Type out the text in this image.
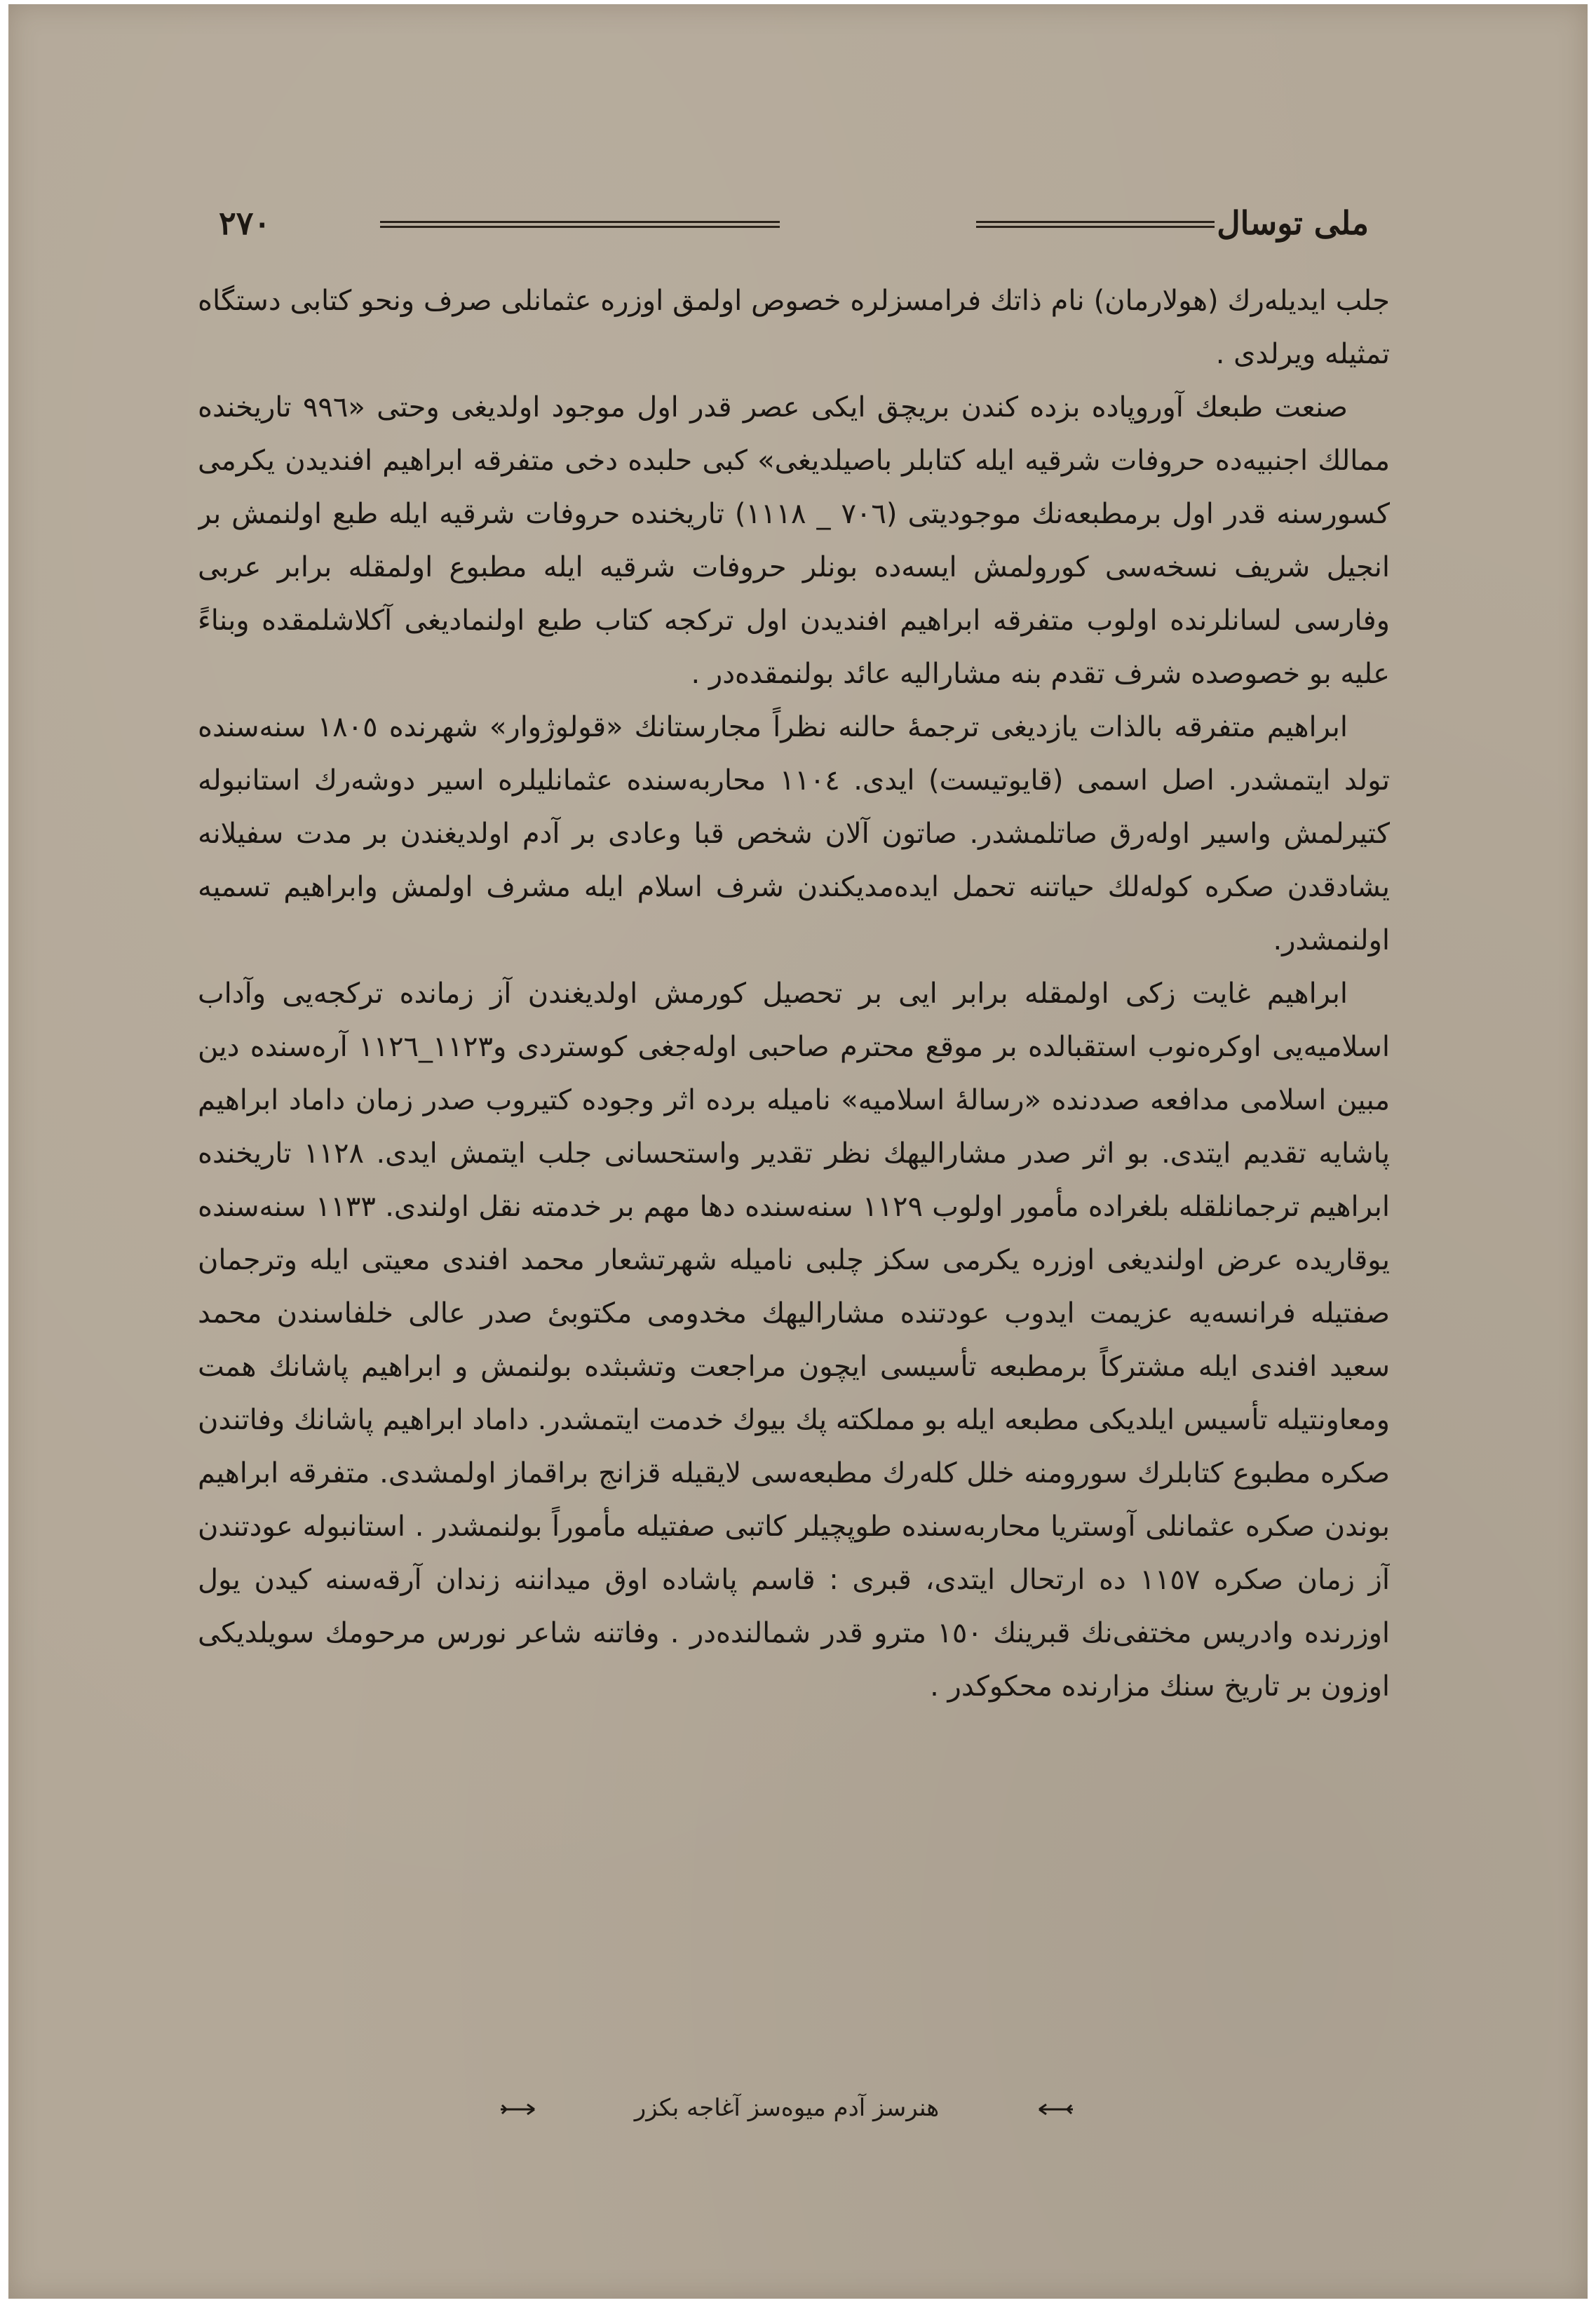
٢٧٠	ملی توسال

جلب ايديلەرك (هولارمان) نام ذاتك فرامسزلرە خصوص اولمق اوزرە عثمانلی صرف ونحو كتابی دستگاه تمثيله ويرلدی .

صنعت طبعك آوروپادە بزدە كندن بريچق ايكی عصر قدر اول موجود اولديغی وحتی «٩٩٦ تاريخندە ممالك اجنبيەدە حروفات شرقيە ايلە كتابلر باصيلديغی» كبی حلبدە دخی متفرقە ابراهيم افنديدن يكرمی كسورسنە قدر اول برمطبعەنك موجوديتی (٧٠٦ _ ١١١٨) تاريخندە حروفات شرقيە ايلە طبع اولنمش بر انجيل شريف نسخەسی كورولمش ايسەدە بونلر حروفات شرقيە ايلە مطبوع اولمقلە برابر عربی وفارسی لسانلرندە اولوب متفرقە ابراهيم افنديدن اول تركجە كتاب طبع اولنماديغی آكلاشلمقدە وبناءً عليە بو خصوصدە شرف تقدم بنە مشاراليە عائد بولنمقدەدر .

ابراهيم متفرقە بالذات يازديغی ترجمۀ حالنە نظراً مجارستانك «قولوژوار» شهرندە ١٨٠٥ سنەسندە تولد ايتمشدر. اصل اسمی (قايوتيست) ايدی. ١١٠٤ محاربەسندە عثمانليلرە اسير دوشەرك استانبولە كتيرلمش واسير اولەرق صاتلمشدر. صاتون آلان شخص قبا وعادی بر آدم اولديغندن بر مدت سفيلانە يشادقدن صكرە كولەلك حياتنە تحمل ايدەمديكندن شرف اسلام ايلە مشرف اولمش وابراهيم تسميە اولنمشدر.

ابراهيم غايت زكی اولمقلە برابر ايی بر تحصيل كورمش اولديغندن آز زماندە تركجەيی وآداب اسلاميەيی اوكرەنوب استقبالدە بر موقع محترم صاحبی اولەجغی كوستردی و١١٢٣_١١٢٦ آرەسندە دين مبين اسلامی مدافعە صددندە «رسالۀ اسلاميە» ناميلە بردە اثر وجودە كتيروب صدر زمان داماد ابراهيم پاشايە تقديم ايتدی. بو اثر صدر مشاراليهك نظر تقدير واستحسانی جلب ايتمش ايدی. ١١٢٨ تاريخندە ابراهيم ترجمانلقلە بلغرادە مأمور اولوب ١١٢٩ سنەسندە دها مهم بر خدمتە نقل اولندی. ١١٣٣ سنەسندە يوقاريدە عرض اولنديغی اوزرە يكرمی سكز چلبی ناميلە شهرتشعار محمد افندی معيتی ايلە وترجمان صفتيلە فرانسەيە عزيمت ايدوب عودتندە مشاراليهك مخدومی مكتوبیٔ صدر عالی خلفاسندن محمد سعيد افندی ايلە مشتركاً برمطبعە تأسيسی ايچون مراجعت وتشبثدە بولنمش و ابراهيم پاشانك همت ومعاونتيلە تأسيس ايلديكی مطبعە ايلە بو مملكتە پك بيوك خدمت ايتمشدر. داماد ابراهيم پاشانك وفاتندن صكرە مطبوع كتابلرك سورومنە خلل كلەرك مطبعەسی لايقيلە قزانج براقماز اولمشدی. متفرقە ابراهيم بوندن صكرە عثمانلی آوستريا محاربەسندە طوپچيلر كاتبی صفتيلە مأموراً بولنمشدر . استانبولە عودتندن آز زمان صكرە ١١٥٧ دە ارتحال ايتدی، قبری : قاسم پاشادە اوق ميداننە زندان آرقەسنە كيدن يول اوزرندە وادريس مختفی‌نك قبرينك ١٥٠ مترو قدر شمالندەدر . وفاتنە شاعر نورس مرحومك سويلديكی اوزون بر تاريخ سنك مزارندە محكوكدر .

هنرسز آدم ميوەسز آغاجە بكزر
